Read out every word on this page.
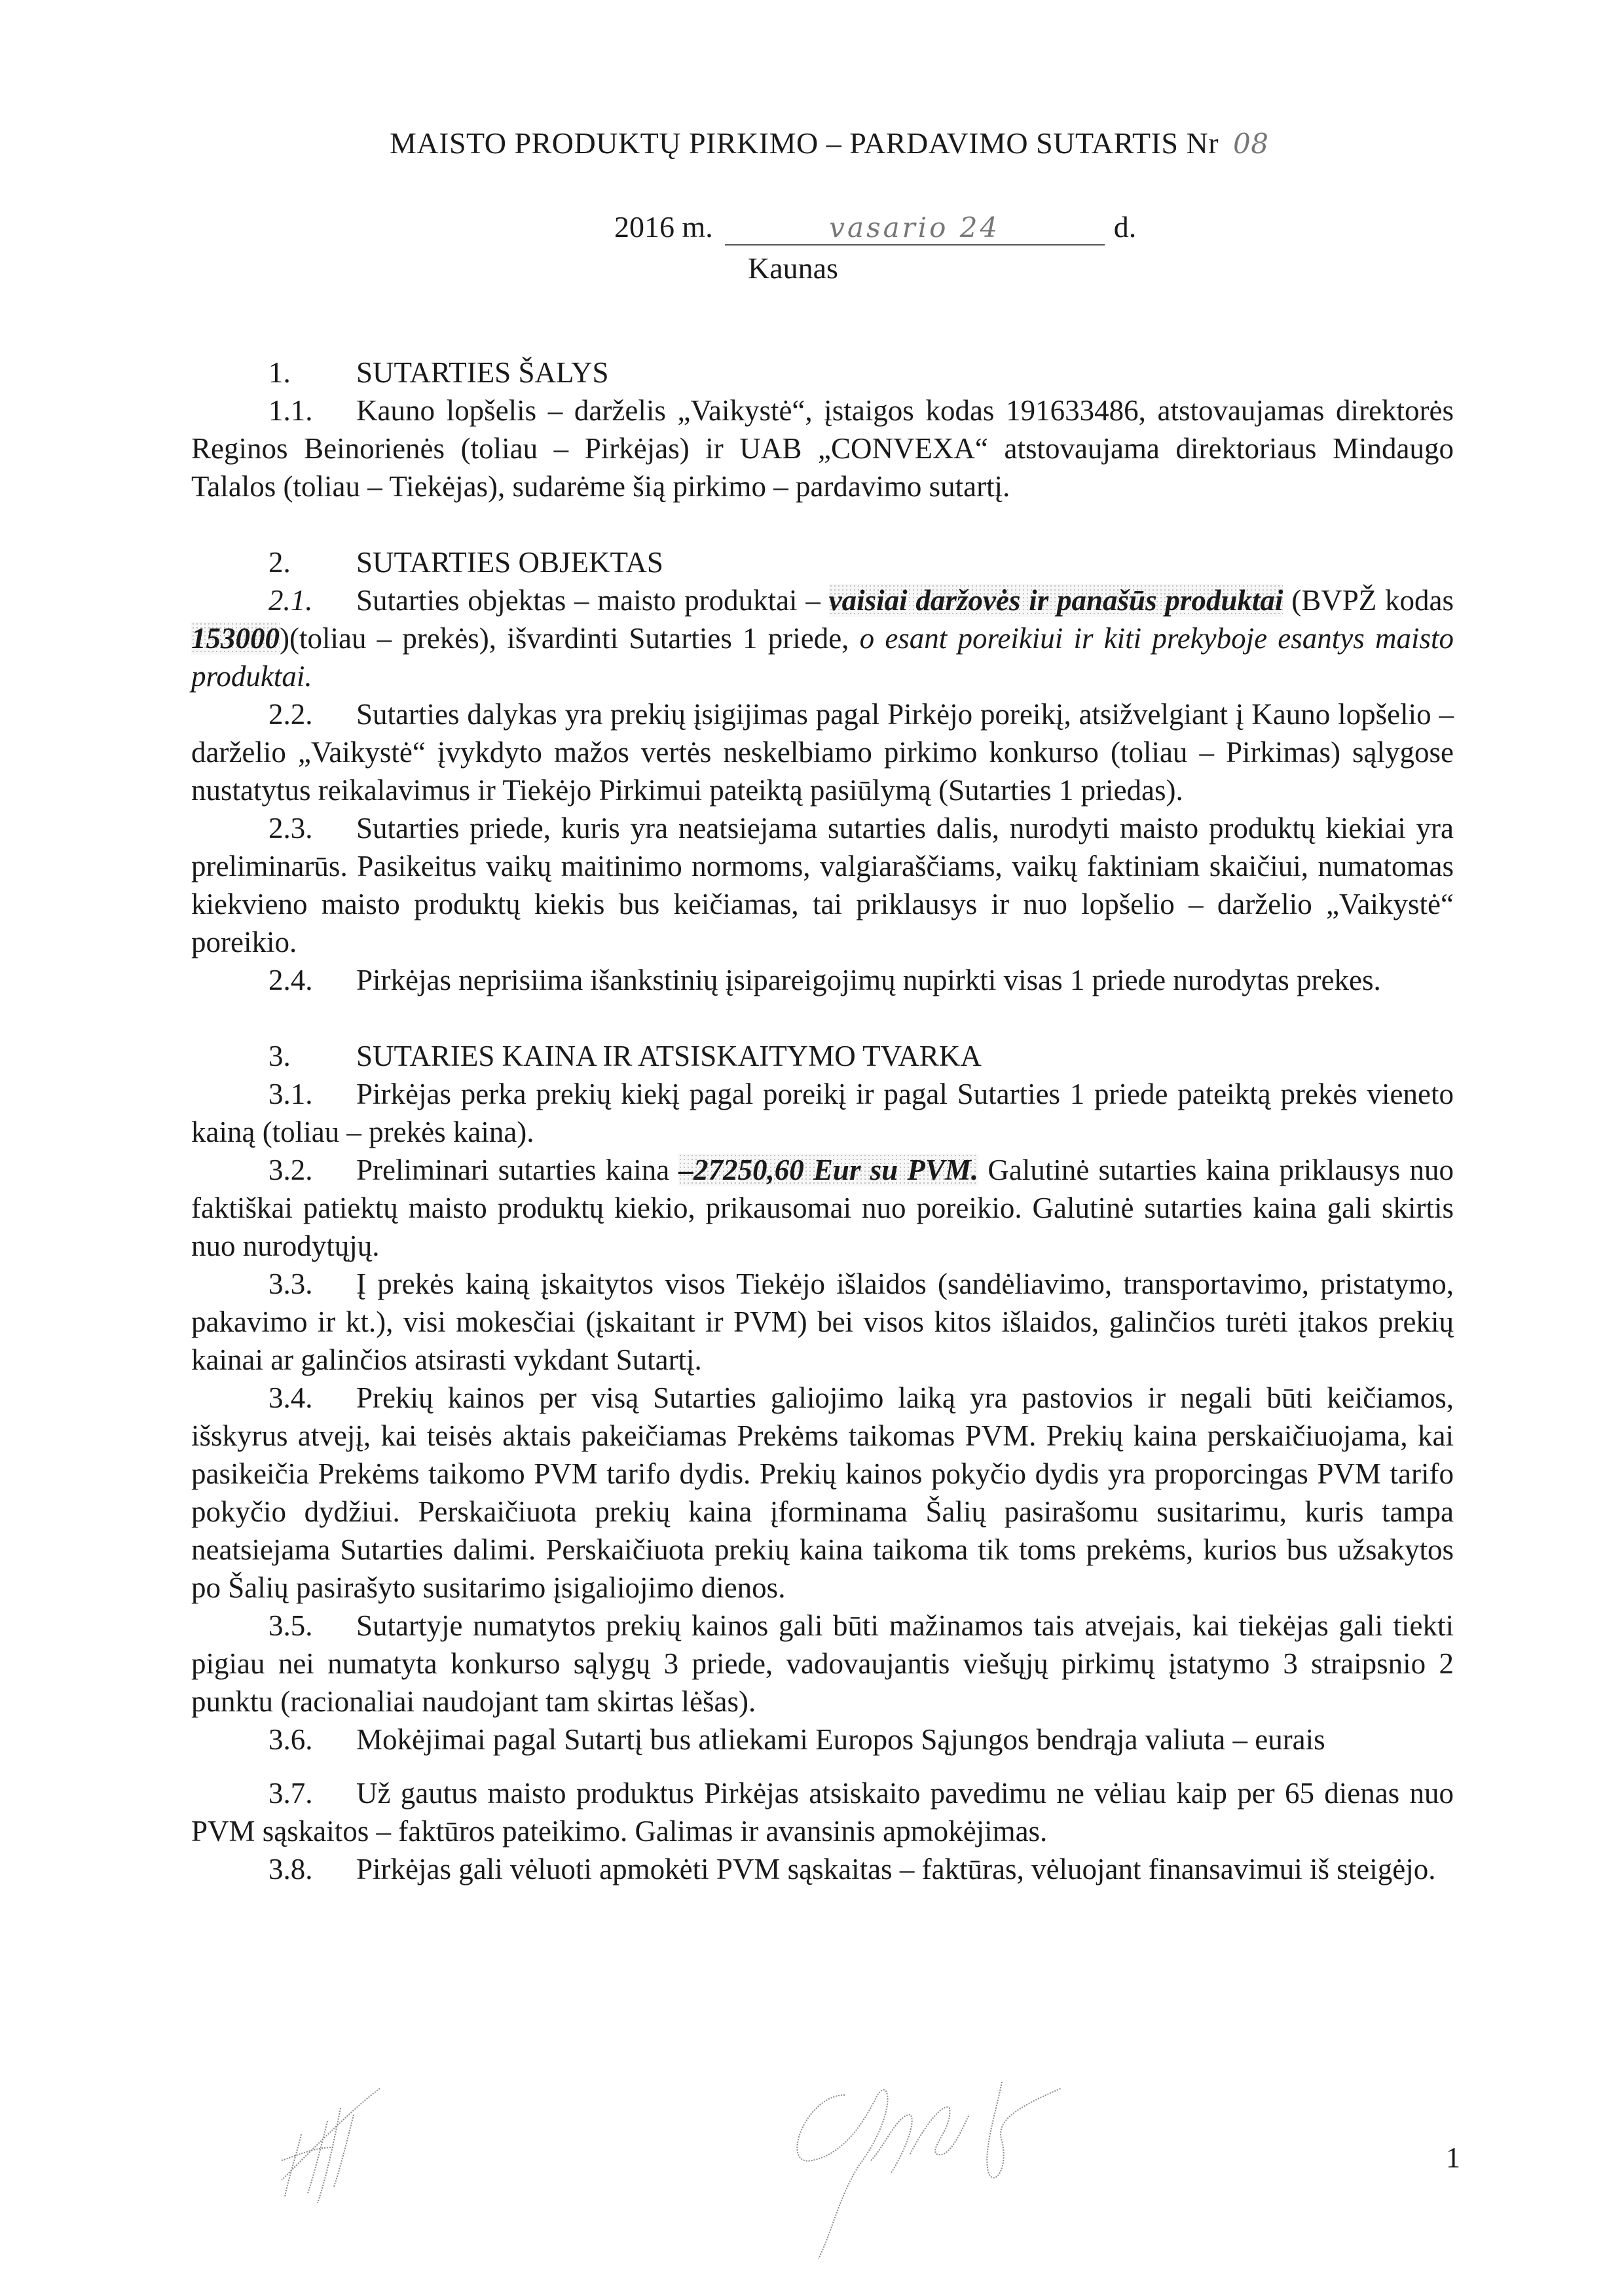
MAISTO PRODUKTŲ PIRKIMO – PARDAVIMO SUTARTIS Nr 08
2016 m.	vasario 24	d.
Kaunas
1.	SUTARTIES ŠALYS

1.1. Kauno lopšelis – darželis „Vaikystė“, įstaigos kodas 191633486, atstovaujamas direktorės Reginos Beinorienės (toliau – Pirkėjas) ir UAB „CONVEXA“ atstovaujama direktoriaus Mindaugo Talalos (toliau – Tiekėjas), sudarėme šią pirkimo – pardavimo sutartį.

2.	SUTARTIES OBJEKTAS

2.1. Sutarties objektas – maisto produktai – vaisiai daržovės ir panašūs produktai (BVPŽ kodas 153000)(toliau – prekės), išvardinti Sutarties 1 priede, o esant poreikiui ir kiti prekyboje esantys maisto produktai.

2.2. Sutarties dalykas yra prekių įsigijimas pagal Pirkėjo poreikį, atsižvelgiant į Kauno lopšelio – darželio „Vaikystė“ įvykdyto mažos vertės neskelbiamo pirkimo konkurso (toliau – Pirkimas) sąlygose nustatytus reikalavimus ir Tiekėjo Pirkimui pateiktą pasiūlymą (Sutarties 1 priedas).

2.3. Sutarties priede, kuris yra neatsiejama sutarties dalis, nurodyti maisto produktų kiekiai yra preliminarūs. Pasikeitus vaikų maitinimo normoms, valgiaraščiams, vaikų faktiniam skaičiui, numatomas kiekvieno maisto produktų kiekis bus keičiamas, tai priklausys ir nuo lopšelio – darželio „Vaikystė“ poreikio.

2.4. Pirkėjas neprisiima išankstinių įsipareigojimų nupirkti visas 1 priede nurodytas prekes.

3.	SUTARIES KAINA IR ATSISKAITYMO TVARKA

3.1. Pirkėjas perka prekių kiekį pagal poreikį ir pagal Sutarties 1 priede pateiktą prekės vieneto kainą (toliau – prekės kaina).

3.2. Preliminari sutarties kaina –27250,60 Eur su PVM. Galutinė sutarties kaina priklausys nuo faktiškai patiektų maisto produktų kiekio, prikausomai nuo poreikio. Galutinė sutarties kaina gali skirtis nuo nurodytųjų.

3.3. Į prekės kainą įskaitytos visos Tiekėjo išlaidos (sandėliavimo, transportavimo, pristatymo, pakavimo ir kt.), visi mokesčiai (įskaitant ir PVM) bei visos kitos išlaidos, galinčios turėti įtakos prekių kainai ar galinčios atsirasti vykdant Sutartį.

3.4. Prekių kainos per visą Sutarties galiojimo laiką yra pastovios ir negali būti keičiamos, išskyrus atvejį, kai teisės aktais pakeičiamas Prekėms taikomas PVM. Prekių kaina perskaičiuojama, kai pasikeičia Prekėms taikomo PVM tarifo dydis. Prekių kainos pokyčio dydis yra proporcingas PVM tarifo pokyčio dydžiui. Perskaičiuota prekių kaina įforminama Šalių pasirašomu susitarimu, kuris tampa neatsiejama Sutarties dalimi. Perskaičiuota prekių kaina taikoma tik toms prekėms, kurios bus užsakytos po Šalių pasirašyto susitarimo įsigaliojimo dienos.

3.5. Sutartyje numatytos prekių kainos gali būti mažinamos tais atvejais, kai tiekėjas gali tiekti pigiau nei numatyta konkurso sąlygų 3 priede, vadovaujantis viešųjų pirkimų įstatymo 3 straipsnio 2 punktu (racionaliai naudojant tam skirtas lėšas).

3.6. Mokėjimai pagal Sutartį bus atliekami Europos Sąjungos bendrąja valiuta – eurais

3.7. Už gautus maisto produktus Pirkėjas atsiskaito pavedimu ne vėliau kaip per 65 dienas nuo PVM sąskaitos – faktūros pateikimo. Galimas ir avansinis apmokėjimas.

3.8. Pirkėjas gali vėluoti apmokėti PVM sąskaitas – faktūras, vėluojant finansavimui iš steigėjo.

1
